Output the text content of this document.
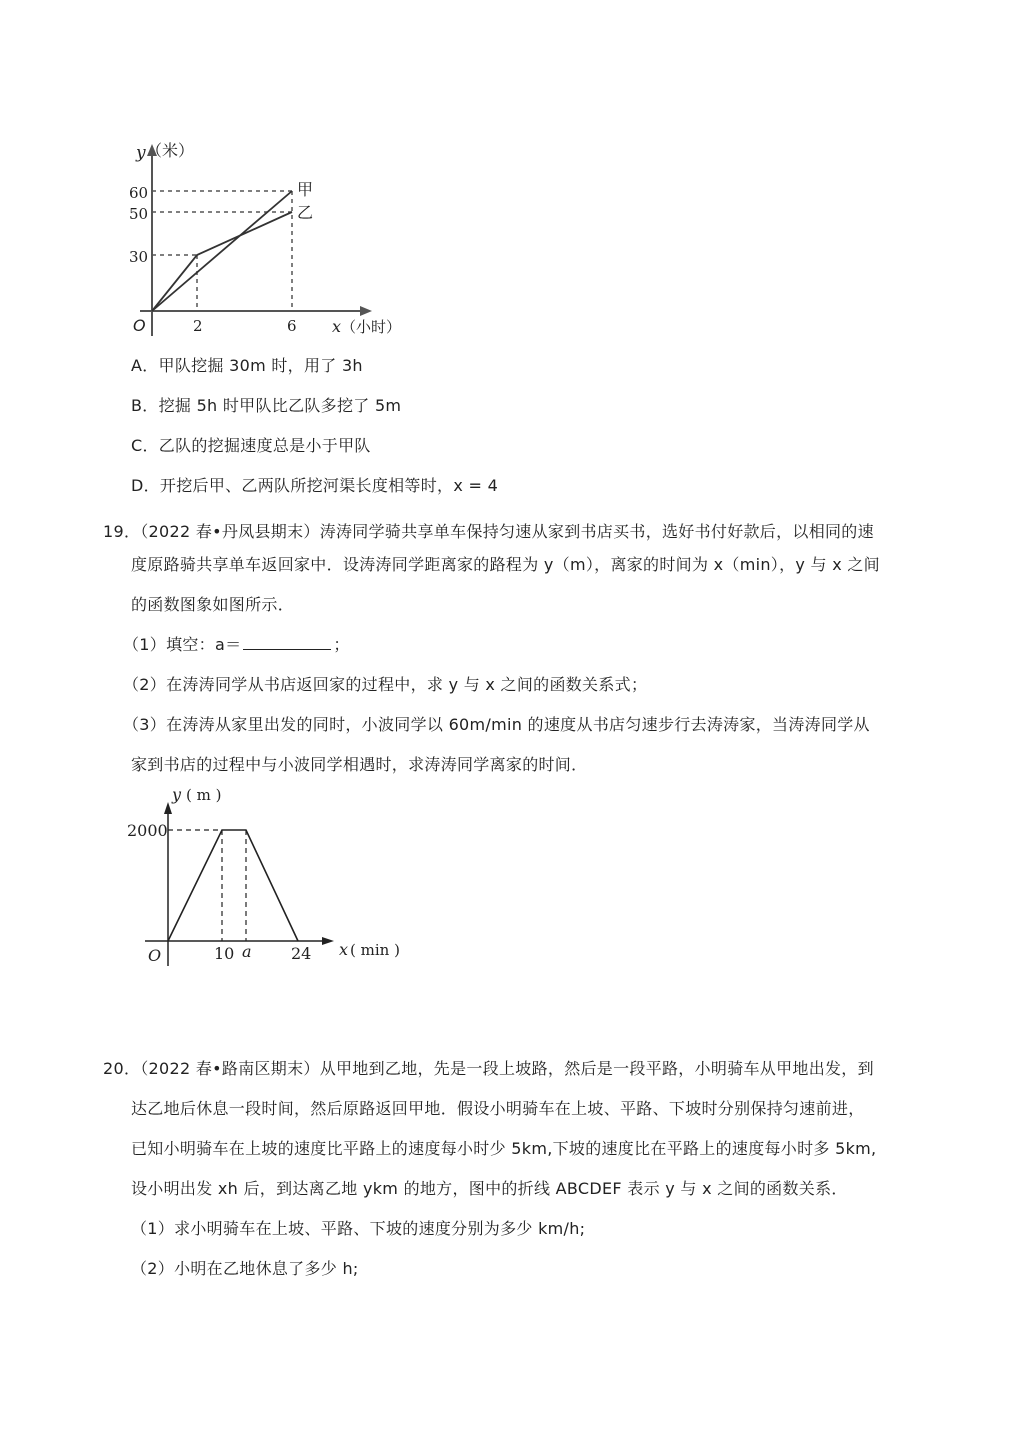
y （米）
60
50
30
O	2	6 x （小时）
甲
乙
A．甲队挖掘 30m 时，用了 3h
B．挖掘 5h 时甲队比乙队多挖了 5m
C．乙队的挖掘速度总是小于甲队
D．开挖后甲、乙两队所挖河渠长度相等时，x = 4
19．（2022 春•丹凤县期末）涛涛同学骑共享单车保持匀速从家到书店买书，选好书付好款后，以相同的速
度原路骑共享单车返回家中．设涛涛同学距离家的路程为 y（m），离家的时间为 x（min），y 与 x 之间
的函数图象如图所示．
（1）填空：a＝	；
（2）在涛涛同学从书店返回家的过程中，求 y 与 x 之间的函数关系式；
（3）在涛涛从家里出发的同时，小波同学以 60m/min 的速度从书店匀速步行去涛涛家，当涛涛同学从
家到书店的过程中与小波同学相遇时，求涛涛同学离家的时间．
y ( m )
2000
O	10 a 24 x ( min )
20．（2022 春•路南区期末）从甲地到乙地，先是一段上坡路，然后是一段平路，小明骑车从甲地出发，到
达乙地后休息一段时间，然后原路返回甲地．假设小明骑车在上坡、平路、下坡时分别保持匀速前进，
已知小明骑车在上坡的速度比平路上的速度每小时少 5km,下坡的速度比在平路上的速度每小时多 5km,
设小明出发 xh 后，到达离乙地 ykm 的地方，图中的折线 ABCDEF 表示 y 与 x 之间的函数关系．
（1）求小明骑车在上坡、平路、下坡的速度分别为多少 km/h;
（2）小明在乙地休息了多少 h;
